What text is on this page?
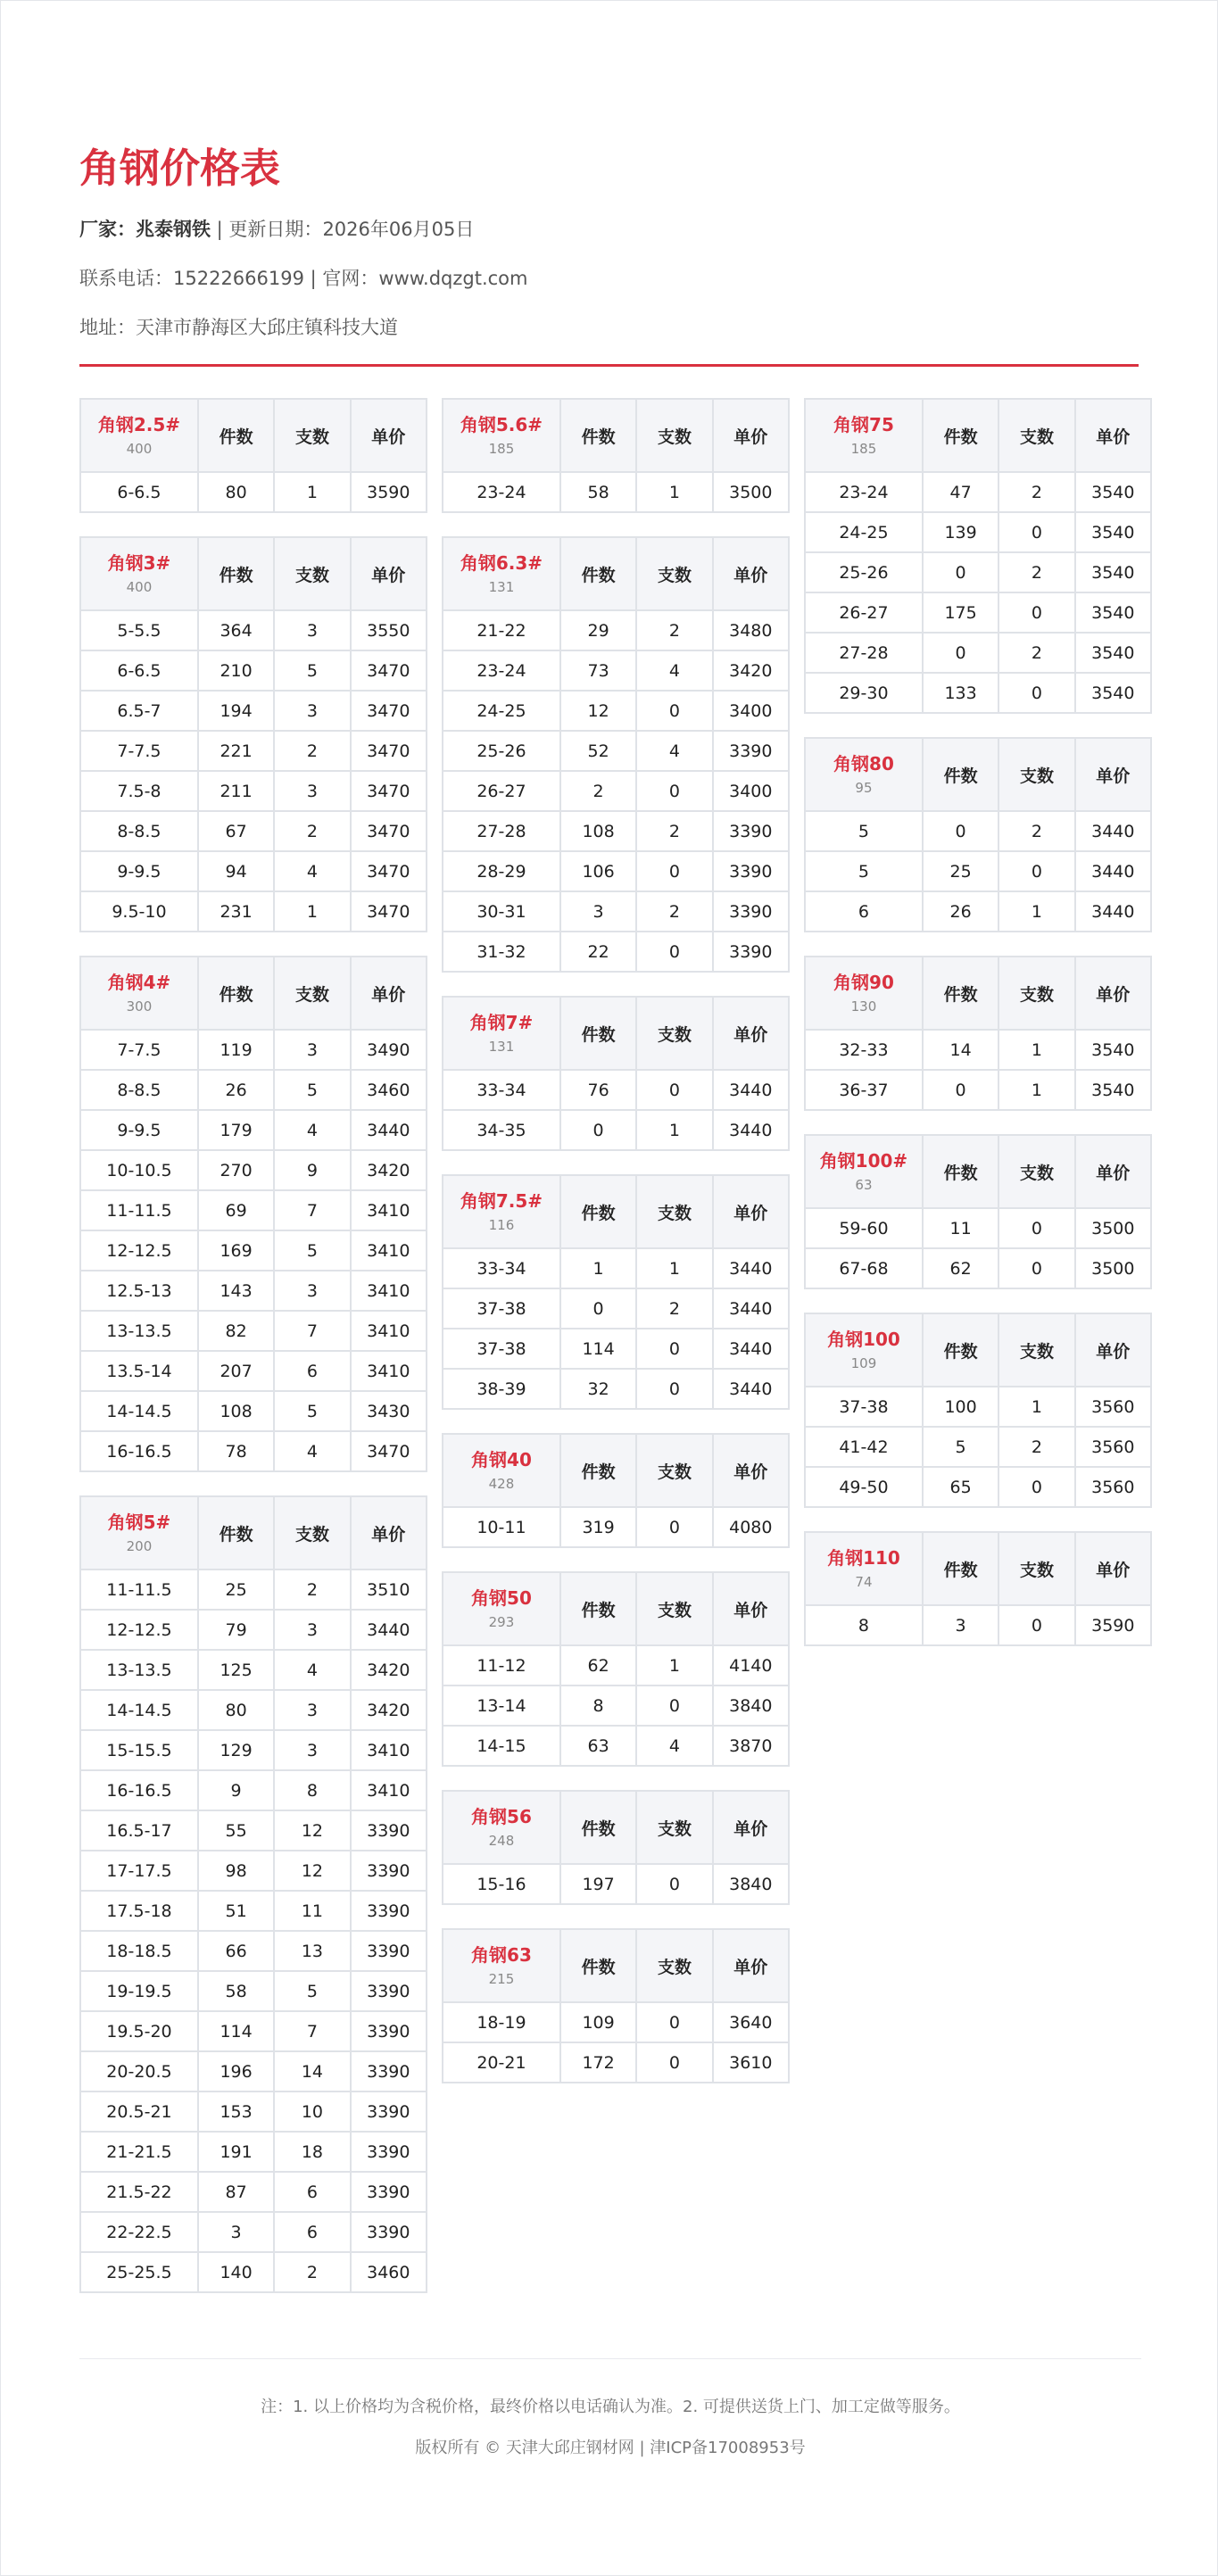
角钢价格表
厂家：兆泰钢铁 | 更新日期：2026年06月05日
联系电话：15222666199 | 官网：www.dqzgt.com
地址：天津市静海区大邱庄镇科技大道
角钢2.5#
400	件数	支数	单价
6-6.5	80	1	3590
角钢3#
400	件数	支数	单价
5-5.5	364	3	3550
6-6.5	210	5	3470
6.5-7	194	3	3470
7-7.5	221	2	3470
7.5-8	211	3	3470
8-8.5	67	2	3470
9-9.5	94	4	3470
9.5-10	231	1	3470
角钢4#
300	件数	支数	单价
7-7.5	119	3	3490
8-8.5	26	5	3460
9-9.5	179	4	3440
10-10.5	270	9	3420
11-11.5	69	7	3410
12-12.5	169	5	3410
12.5-13	143	3	3410
13-13.5	82	7	3410
13.5-14	207	6	3410
14-14.5	108	5	3430
16-16.5	78	4	3470
角钢5#
200	件数	支数	单价
11-11.5	25	2	3510
12-12.5	79	3	3440
13-13.5	125	4	3420
14-14.5	80	3	3420
15-15.5	129	3	3410
16-16.5	9	8	3410
16.5-17	55	12	3390
17-17.5	98	12	3390
17.5-18	51	11	3390
18-18.5	66	13	3390
19-19.5	58	5	3390
19.5-20	114	7	3390
20-20.5	196	14	3390
20.5-21	153	10	3390
21-21.5	191	18	3390
21.5-22	87	6	3390
22-22.5	3	6	3390
25-25.5	140	2	3460
角钢5.6#
185	件数	支数	单价
23-24	58	1	3500
角钢6.3#
131	件数	支数	单价
21-22	29	2	3480
23-24	73	4	3420
24-25	12	0	3400
25-26	52	4	3390
26-27	2	0	3400
27-28	108	2	3390
28-29	106	0	3390
30-31	3	2	3390
31-32	22	0	3390
角钢7#
131	件数	支数	单价
33-34	76	0	3440
34-35	0	1	3440
角钢7.5#
116	件数	支数	单价
33-34	1	1	3440
37-38	0	2	3440
37-38	114	0	3440
38-39	32	0	3440
角钢40
428	件数	支数	单价
10-11	319	0	4080
角钢50
293	件数	支数	单价
11-12	62	1	4140
13-14	8	0	3840
14-15	63	4	3870
角钢56
248	件数	支数	单价
15-16	197	0	3840
角钢63
215	件数	支数	单价
18-19	109	0	3640
20-21	172	0	3610
角钢75
185	件数	支数	单价
23-24	47	2	3540
24-25	139	0	3540
25-26	0	2	3540
26-27	175	0	3540
27-28	0	2	3540
29-30	133	0	3540
角钢80
95	件数	支数	单价
5	0	2	3440
5	25	0	3440
6	26	1	3440
角钢90
130	件数	支数	单价
32-33	14	1	3540
36-37	0	1	3540
角钢100#
63	件数	支数	单价
59-60	11	0	3500
67-68	62	0	3500
角钢100
109	件数	支数	单价
37-38	100	1	3560
41-42	5	2	3560
49-50	65	0	3560
角钢110
74	件数	支数	单价
8	3	0	3590

注：1. 以上价格均为含税价格，最终价格以电话确认为准。2. 可提供送货上门、加工定做等服务。

版权所有 © 天津大邱庄钢材网 | 津ICP备17008953号
